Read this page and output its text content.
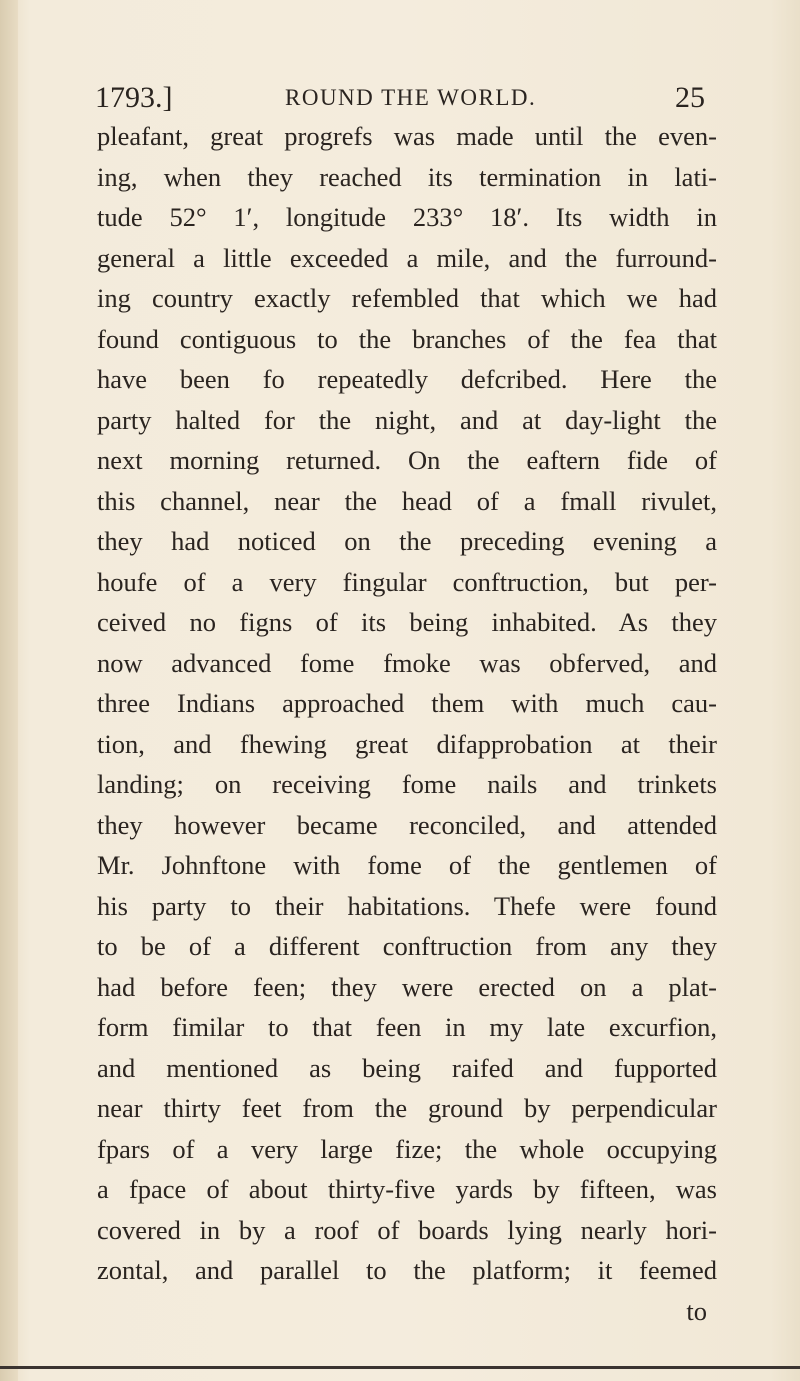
1793.]	ROUND THE WORLD.	25
pleafant, great progrefs was made until the even-
ing, when they reached its termination in lati-
tude 52° 1′, longitude 233° 18′. Its width in
general a little exceeded a mile, and the furround-
ing country exactly refembled that which we had
found contiguous to the branches of the fea that
have been fo repeatedly defcribed. Here the
party halted for the night, and at day-light the
next morning returned. On the eaftern fide of
this channel, near the head of a fmall rivulet,
they had noticed on the preceding evening a
houfe of a very fingular conftruction, but per-
ceived no figns of its being inhabited. As they
now advanced fome fmoke was obferved, and
three Indians approached them with much cau-
tion, and fhewing great difapprobation at their
landing; on receiving fome nails and trinkets
they however became reconciled, and attended
Mr. Johnftone with fome of the gentlemen of
his party to their habitations. Thefe were found
to be of a different conftruction from any they
had before feen; they were erected on a plat-
form fimilar to that feen in my late excurfion,
and mentioned as being raifed and fupported
near thirty feet from the ground by perpendicular
fpars of a very large fize; the whole occupying
a fpace of about thirty-five yards by fifteen, was
covered in by a roof of boards lying nearly hori-
zontal, and parallel to the platform; it feemed
to
